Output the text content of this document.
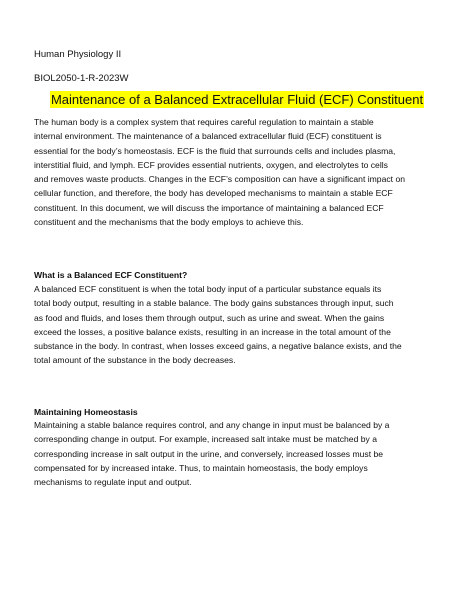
Human Physiology II
BIOL2050-1-R-2023W
Maintenance of a Balanced Extracellular Fluid (ECF) Constituent
The human body is a complex system that requires careful regulation to maintain a stable
internal environment. The maintenance of a balanced extracellular fluid (ECF) constituent is
essential for the body’s homeostasis. ECF is the fluid that surrounds cells and includes plasma,
interstitial fluid, and lymph. ECF provides essential nutrients, oxygen, and electrolytes to cells
and removes waste products. Changes in the ECF’s composition can have a significant impact on
cellular function, and therefore, the body has developed mechanisms to maintain a stable ECF
constituent. In this document, we will discuss the importance of maintaining a balanced ECF
constituent and the mechanisms that the body employs to achieve this.
What is a Balanced ECF Constituent?
A balanced ECF constituent is when the total body input of a particular substance equals its
total body output, resulting in a stable balance. The body gains substances through input, such
as food and fluids, and loses them through output, such as urine and sweat. When the gains
exceed the losses, a positive balance exists, resulting in an increase in the total amount of the
substance in the body. In contrast, when losses exceed gains, a negative balance exists, and the
total amount of the substance in the body decreases.
Maintaining Homeostasis
Maintaining a stable balance requires control, and any change in input must be balanced by a
corresponding change in output. For example, increased salt intake must be matched by a
corresponding increase in salt output in the urine, and conversely, increased losses must be
compensated for by increased intake. Thus, to maintain homeostasis, the body employs
mechanisms to regulate input and output.
